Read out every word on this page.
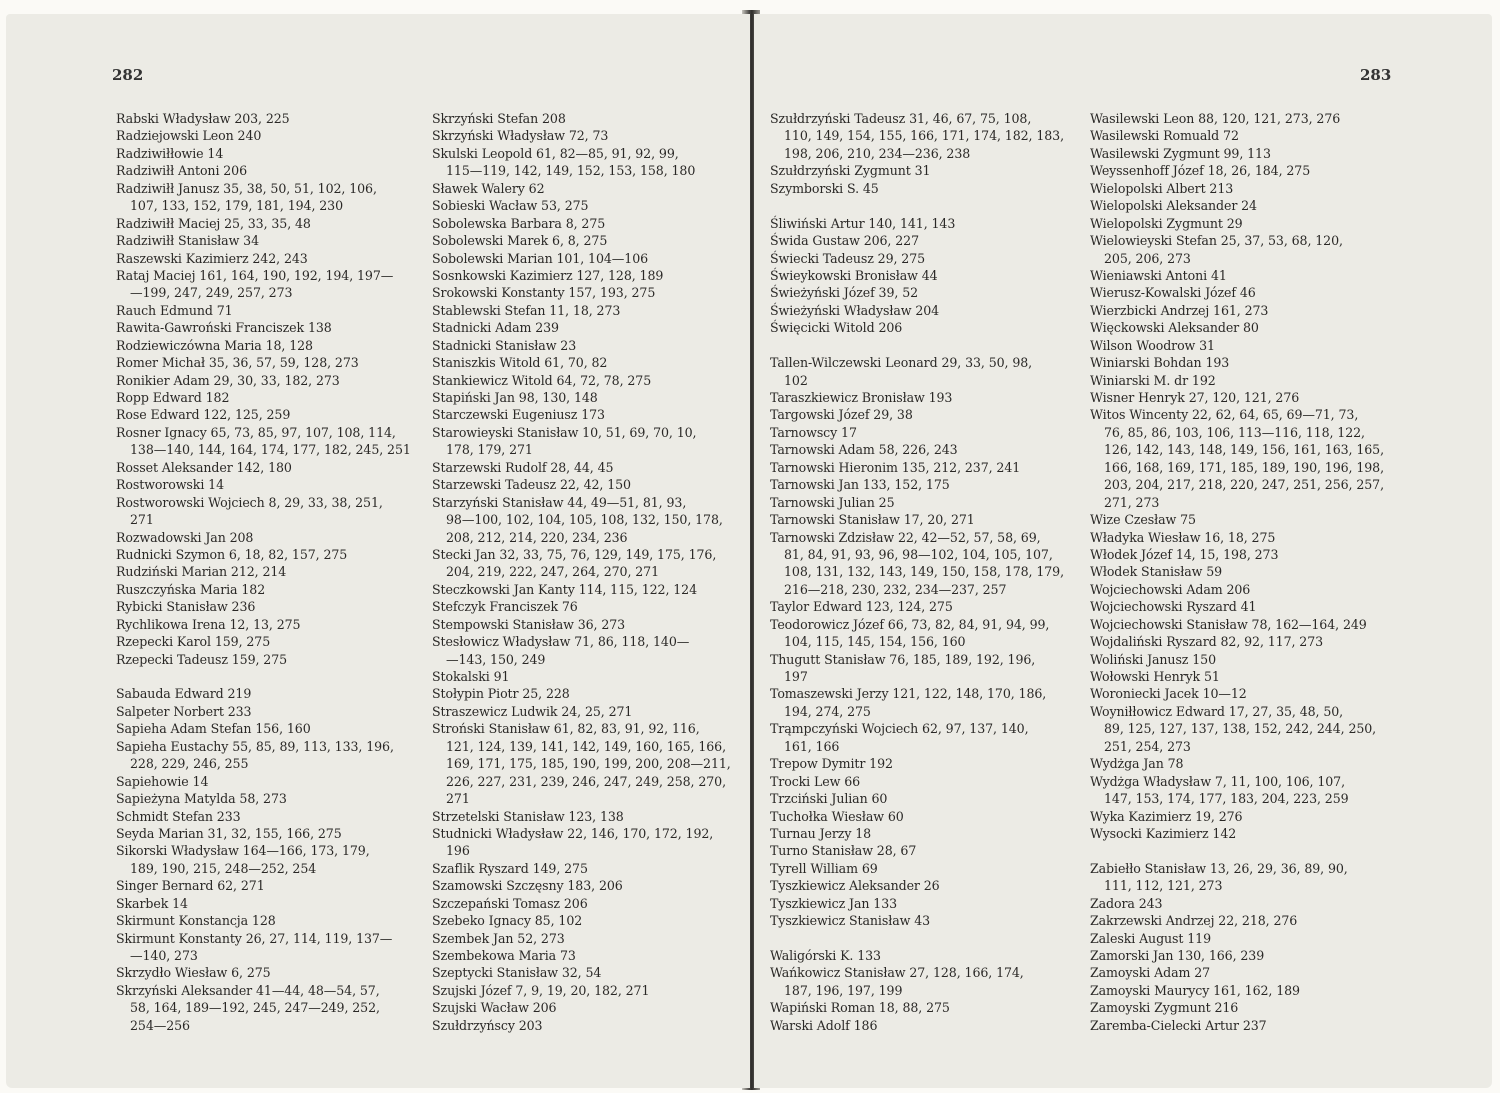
282
Rabski Władysław 203, 225
Radziejowski Leon 240
Radziwiłłowie 14
Radziwiłł Antoni 206
Radziwiłł Janusz 35, 38, 50, 51, 102, 106,
107, 133, 152, 179, 181, 194, 230
Radziwiłł Maciej 25, 33, 35, 48
Radziwiłł Stanisław 34
Raszewski Kazimierz 242, 243
Rataj Maciej 161, 164, 190, 192, 194, 197—
—199, 247, 249, 257, 273
Rauch Edmund 71
Rawita-Gawroński Franciszek 138
Rodziewiczówna Maria 18, 128
Romer Michał 35, 36, 57, 59, 128, 273
Ronikier Adam 29, 30, 33, 182, 273
Ropp Edward 182
Rose Edward 122, 125, 259
Rosner Ignacy 65, 73, 85, 97, 107, 108, 114,
138—140, 144, 164, 174, 177, 182, 245, 251
Rosset Aleksander 142, 180
Rostworowski 14
Rostworowski Wojciech 8, 29, 33, 38, 251,
271
Rozwadowski Jan 208
Rudnicki Szymon 6, 18, 82, 157, 275
Rudziński Marian 212, 214
Ruszczyńska Maria 182
Rybicki Stanisław 236
Rychlikowa Irena 12, 13, 275
Rzepecki Karol 159, 275
Rzepecki Tadeusz 159, 275
Sabauda Edward 219
Salpeter Norbert 233
Sapieha Adam Stefan 156, 160
Sapieha Eustachy 55, 85, 89, 113, 133, 196,
228, 229, 246, 255
Sapiehowie 14
Sapieżyna Matylda 58, 273
Schmidt Stefan 233
Seyda Marian 31, 32, 155, 166, 275
Sikorski Władysław 164—166, 173, 179,
189, 190, 215, 248—252, 254
Singer Bernard 62, 271
Skarbek 14
Skirmunt Konstancja 128
Skirmunt Konstanty 26, 27, 114, 119, 137—
—140, 273
Skrzydło Wiesław 6, 275
Skrzyński Aleksander 41—44, 48—54, 57,
58, 164, 189—192, 245, 247—249, 252,
254—256
Skrzyński Stefan 208
Skrzyński Władysław 72, 73
Skulski Leopold 61, 82—85, 91, 92, 99,
115—119, 142, 149, 152, 153, 158, 180
Sławek Walery 62
Sobieski Wacław 53, 275
Sobolewska Barbara 8, 275
Sobolewski Marek 6, 8, 275
Sobolewski Marian 101, 104—106
Sosnkowski Kazimierz 127, 128, 189
Srokowski Konstanty 157, 193, 275
Stablewski Stefan 11, 18, 273
Stadnicki Adam 239
Stadnicki Stanisław 23
Staniszkis Witold 61, 70, 82
Stankiewicz Witold 64, 72, 78, 275
Stapiński Jan 98, 130, 148
Starczewski Eugeniusz 173
Starowieyski Stanisław 10, 51, 69, 70, 10,
178, 179, 271
Starzewski Rudolf 28, 44, 45
Starzewski Tadeusz 22, 42, 150
Starzyński Stanisław 44, 49—51, 81, 93,
98—100, 102, 104, 105, 108, 132, 150, 178,
208, 212, 214, 220, 234, 236
Stecki Jan 32, 33, 75, 76, 129, 149, 175, 176,
204, 219, 222, 247, 264, 270, 271
Steczkowski Jan Kanty 114, 115, 122, 124
Stefczyk Franciszek 76
Stempowski Stanisław 36, 273
Stesłowicz Władysław 71, 86, 118, 140—
—143, 150, 249
Stokalski 91
Stołypin Piotr 25, 228
Straszewicz Ludwik 24, 25, 271
Stroński Stanisław 61, 82, 83, 91, 92, 116,
121, 124, 139, 141, 142, 149, 160, 165, 166,
169, 171, 175, 185, 190, 199, 200, 208—211,
226, 227, 231, 239, 246, 247, 249, 258, 270,
271
Strzetelski Stanisław 123, 138
Studnicki Władysław 22, 146, 170, 172, 192,
196
Szaflik Ryszard 149, 275
Szamowski Szczęsny 183, 206
Szczepański Tomasz 206
Szebeko Ignacy 85, 102
Szembek Jan 52, 273
Szembekowa Maria 73
Szeptycki Stanisław 32, 54
Szujski Józef 7, 9, 19, 20, 182, 271
Szujski Wacław 206
Szułdrzyńscy 203
283
Szułdrzyński Tadeusz 31, 46, 67, 75, 108,
110, 149, 154, 155, 166, 171, 174, 182, 183,
198, 206, 210, 234—236, 238
Szułdrzyński Zygmunt 31
Szymborski S. 45
Śliwiński Artur 140, 141, 143
Świda Gustaw 206, 227
Świecki Tadeusz 29, 275
Świeykowski Bronisław 44
Świeżyński Józef 39, 52
Świeżyński Władysław 204
Święcicki Witold 206
Tallen-Wilczewski Leonard 29, 33, 50, 98,
102
Taraszkiewicz Bronisław 193
Targowski Józef 29, 38
Tarnowscy 17
Tarnowski Adam 58, 226, 243
Tarnowski Hieronim 135, 212, 237, 241
Tarnowski Jan 133, 152, 175
Tarnowski Julian 25
Tarnowski Stanisław 17, 20, 271
Tarnowski Zdzisław 22, 42—52, 57, 58, 69,
81, 84, 91, 93, 96, 98—102, 104, 105, 107,
108, 131, 132, 143, 149, 150, 158, 178, 179,
216—218, 230, 232, 234—237, 257
Taylor Edward 123, 124, 275
Teodorowicz Józef 66, 73, 82, 84, 91, 94, 99,
104, 115, 145, 154, 156, 160
Thugutt Stanisław 76, 185, 189, 192, 196,
197
Tomaszewski Jerzy 121, 122, 148, 170, 186,
194, 274, 275
Trąmpczyński Wojciech 62, 97, 137, 140,
161, 166
Trepow Dymitr 192
Trocki Lew 66
Trzciński Julian 60
Tuchołka Wiesław 60
Turnau Jerzy 18
Turno Stanisław 28, 67
Tyrell William 69
Tyszkiewicz Aleksander 26
Tyszkiewicz Jan 133
Tyszkiewicz Stanisław 43
Waligórski K. 133
Wańkowicz Stanisław 27, 128, 166, 174,
187, 196, 197, 199
Wapiński Roman 18, 88, 275
Warski Adolf 186
Wasilewski Leon 88, 120, 121, 273, 276
Wasilewski Romuald 72
Wasilewski Zygmunt 99, 113
Weyssenhoff Józef 18, 26, 184, 275
Wielopolski Albert 213
Wielopolski Aleksander 24
Wielopolski Zygmunt 29
Wielowieyski Stefan 25, 37, 53, 68, 120,
205, 206, 273
Wieniawski Antoni 41
Wierusz-Kowalski Józef 46
Wierzbicki Andrzej 161, 273
Więckowski Aleksander 80
Wilson Woodrow 31
Winiarski Bohdan 193
Winiarski M. dr 192
Wisner Henryk 27, 120, 121, 276
Witos Wincenty 22, 62, 64, 65, 69—71, 73,
76, 85, 86, 103, 106, 113—116, 118, 122,
126, 142, 143, 148, 149, 156, 161, 163, 165,
166, 168, 169, 171, 185, 189, 190, 196, 198,
203, 204, 217, 218, 220, 247, 251, 256, 257,
271, 273
Wize Czesław 75
Władyka Wiesław 16, 18, 275
Włodek Józef 14, 15, 198, 273
Włodek Stanisław 59
Wojciechowski Adam 206
Wojciechowski Ryszard 41
Wojciechowski Stanisław 78, 162—164, 249
Wojdaliński Ryszard 82, 92, 117, 273
Woliński Janusz 150
Wołowski Henryk 51
Woroniecki Jacek 10—12
Woyniłłowicz Edward 17, 27, 35, 48, 50,
89, 125, 127, 137, 138, 152, 242, 244, 250,
251, 254, 273
Wydżga Jan 78
Wydżga Władysław 7, 11, 100, 106, 107,
147, 153, 174, 177, 183, 204, 223, 259
Wyka Kazimierz 19, 276
Wysocki Kazimierz 142
Zabiełło Stanisław 13, 26, 29, 36, 89, 90,
111, 112, 121, 273
Zadora 243
Zakrzewski Andrzej 22, 218, 276
Zaleski August 119
Zamorski Jan 130, 166, 239
Zamoyski Adam 27
Zamoyski Maurycy 161, 162, 189
Zamoyski Zygmunt 216
Zaremba-Cielecki Artur 237
